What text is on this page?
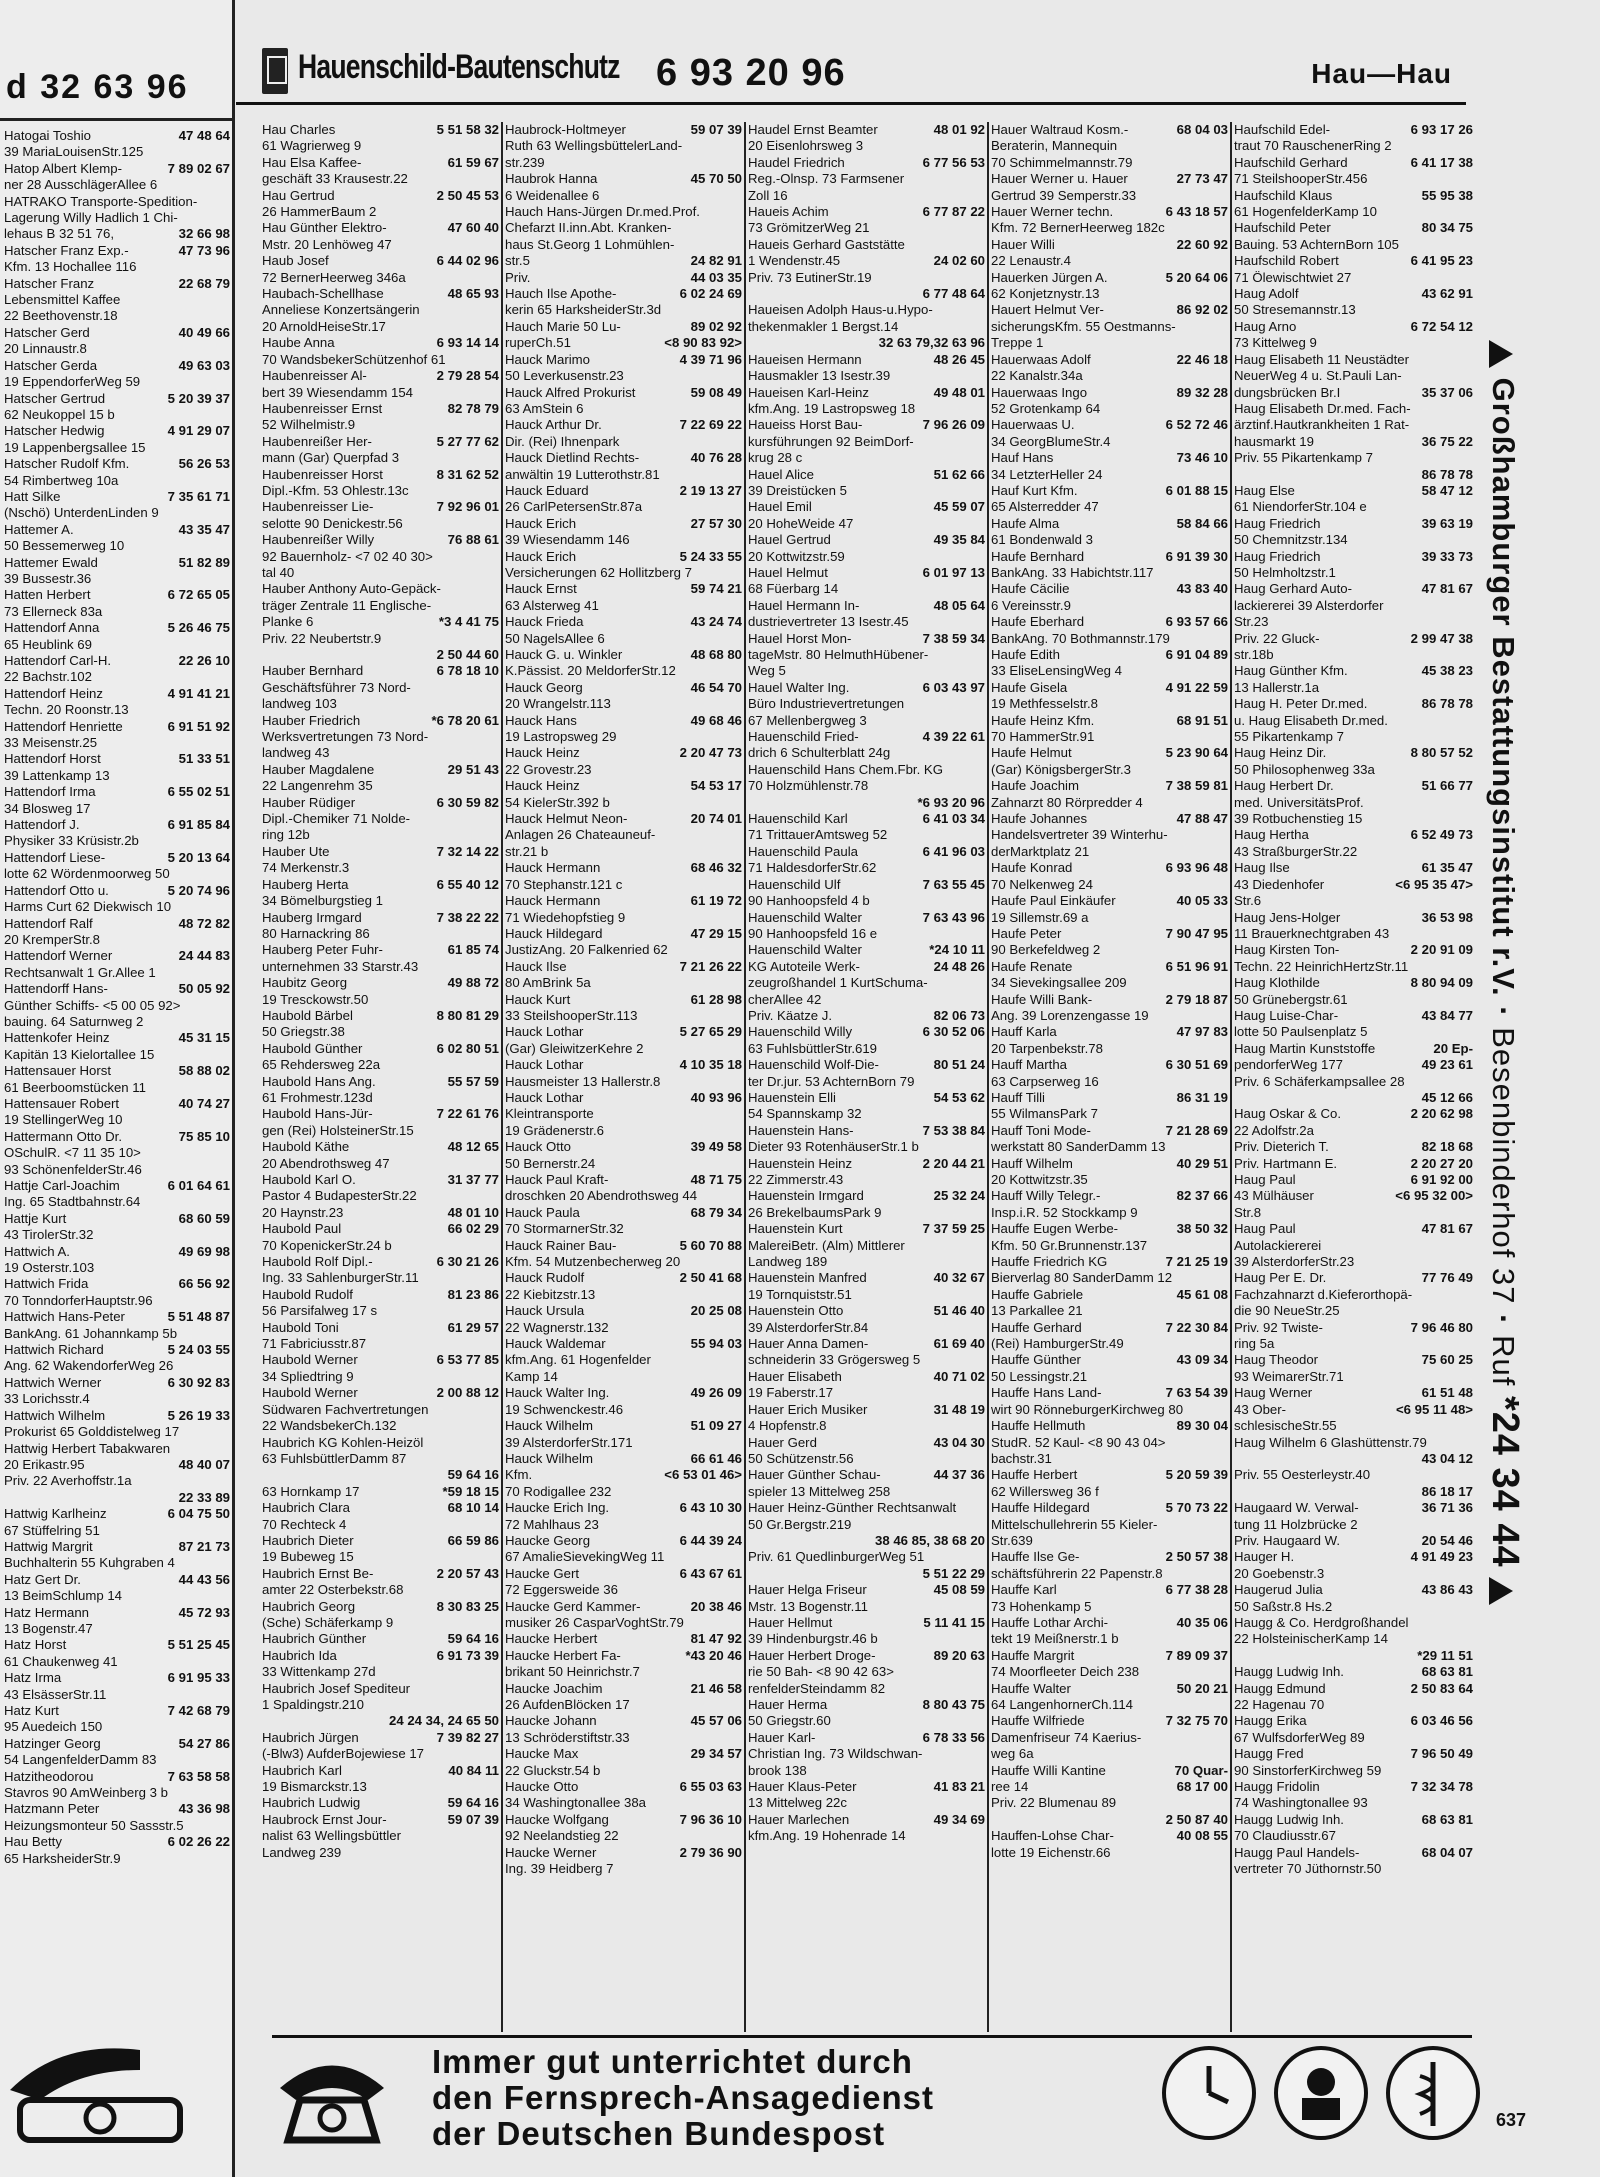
d 32 63 96
Hatogai Toshio	47 48 64
39 MariaLouisenStr.125
Hatop Albert Klemp-	7 89 02 67
ner 28 AusschlägerAllee 6
HATRAKO Transporte-Spedition-
Lagerung Willy Hadlich 1 Chi-
lehaus B 32 51 76,	32 66 98
Hatscher Franz Exp.-	47 73 96
Kfm. 13 Hochallee 116
Hatscher Franz	22 68 79
Lebensmittel Kaffee
22 Beethovenstr.18
Hatscher Gerd	40 49 66
20 Linnaustr.8
Hatscher Gerda	49 63 03
19 EppendorferWeg 59
Hatscher Gertrud	5 20 39 37
62 Neukoppel 15 b
Hatscher Hedwig	4 91 29 07
19 Lappenbergsallee 15
Hatscher Rudolf Kfm.	56 26 53
54 Rimbertweg 10a
Hatt Silke	7 35 61 71
(Nschö) UnterdenLinden 9
Hattemer A.	43 35 47
50 Bessemerweg 10
Hattemer Ewald	51 82 89
39 Bussestr.36
Hatten Herbert	6 72 65 05
73 Ellerneck 83a
Hattendorf Anna	5 26 46 75
65 Heublink 69
Hattendorf Carl-H.	22 26 10
22 Bachstr.102
Hattendorf Heinz	4 91 41 21
Techn. 20 Roonstr.13
Hattendorf Henriette	6 91 51 92
33 Meisenstr.25
Hattendorf Horst	51 33 51
39 Lattenkamp 13
Hattendorf Irma	6 55 02 51
34 Blosweg 17
Hattendorf J.	6 91 85 84
Physiker 33 Krüsistr.2b
Hattendorf Liese-	5 20 13 64
lotte 62 Wördenmoorweg 50
Hattendorf Otto u.	5 20 74 96
Harms Curt 62 Diekwisch 10
Hattendorf Ralf	48 72 82
20 KremperStr.8
Hattendorf Werner	24 44 83
Rechtsanwalt 1 Gr.Allee 1
Hattendorff Hans-	50 05 92
Günther Schiffs- <5 00 05 92>
bauing. 64 Saturnweg 2
Hattenkofer Heinz	45 31 15
Kapitän 13 Kielortallee 15
Hattensauer Horst	58 88 02
61 Beerboomstücken 11
Hattensauer Robert	40 74 27
19 StellingerWeg 10
Hattermann Otto Dr.	75 85 10
OSchulR. <7 11 35 10>
93 SchönenfelderStr.46
Hattje Carl-Joachim	6 01 64 61
Ing. 65 Stadtbahnstr.64
Hattje Kurt	68 60 59
43 TirolerStr.32
Hattwich A.	49 69 98
19 Osterstr.103
Hattwich Frida	66 56 92
70 TonndorferHauptstr.96
Hattwich Hans-Peter	5 51 48 87
BankAng. 61 Johannkamp 5b
Hattwich Richard	5 24 03 55
Ang. 62 WakendorferWeg 26
Hattwich Werner	6 30 92 83
33 Lorichsstr.4
Hattwich Wilhelm	5 26 19 33
Prokurist 65 Golddistelweg 17
Hattwig Herbert Tabakwaren
20 Erikastr.95	48 40 07
Priv. 22 Averhoffstr.1a
22 33 89
Hattwig Karlheinz	6 04 75 50
67 Stüffelring 51
Hattwig Margrit	87 21 73
Buchhalterin 55 Kuhgraben 4
Hatz Gert Dr.	44 43 56
13 BeimSchlump 14
Hatz Hermann	45 72 93
13 Bogenstr.47
Hatz Horst	5 51 25 45
61 Chaukenweg 41
Hatz Irma	6 91 95 33
43 ElsässerStr.11
Hatz Kurt	7 42 68 79
95 Auedeich 150
Hatzinger Georg	54 27 86
54 LangenfelderDamm 83
Hatzitheodorou	7 63 58 58
Stavros 90 AmWeinberg 3 b
Hatzmann Peter	43 36 98
Heizungsmonteur 50 Sassstr.5
Hau Betty	6 02 26 22
65 HarksheiderStr.9
Hauenschild-Bautenschutz 6 93 20 96	Hau—Hau
Hau Charles	5 51 58 32
61 Wagrierweg 9
Hau Elsa Kaffee-	61 59 67
geschäft 33 Krausestr.22
Hau Gertrud	2 50 45 53
26 HammerBaum 2
Hau Günther Elektro-	47 60 40
Mstr. 20 Lenhöweg 47
Haub Josef	6 44 02 96
72 BernerHeerweg 346a
Haubach-Schellhase	48 65 93
Anneliese Konzertsängerin
20 ArnoldHeiseStr.17
Haube Anna	6 93 14 14
70 WandsbekerSchützenhof 61
Haubenreisser Al-	2 79 28 54
bert 39 Wiesendamm 154
Haubenreisser Ernst	82 78 79
52 Wilhelmistr.9
Haubenreißer Her-	5 27 77 62
mann (Gar) Querpfad 3
Haubenreisser Horst	8 31 62 52
Dipl.-Kfm. 53 Ohlestr.13c
Haubenreisser Lie-	7 92 96 01
selotte 90 Denickestr.56
Haubenreißer Willy	76 88 61
92 Bauernholz- <7 02 40 30>
tal 40
Hauber Anthony Auto-Gepäck-
träger Zentrale 11 Englische-
Planke 6	*3 4 41 75
Priv. 22 Neubertstr.9
2 50 44 60
Hauber Bernhard	6 78 18 10
Geschäftsführer 73 Nord-
landweg 103
Hauber Friedrich	*6 78 20 61
Werksvertretungen 73 Nord-
landweg 43
Hauber Magdalene	29 51 43
22 Langenrehm 35
Hauber Rüdiger	6 30 59 82
Dipl.-Chemiker 71 Nolde-
ring 12b
Hauber Ute	7 32 14 22
74 Merkenstr.3
Hauberg Herta	6 55 40 12
34 Bömelburgstieg 1
Hauberg Irmgard	7 38 22 22
80 Harnackring 86
Hauberg Peter Fuhr-	61 85 74
unternehmen 33 Starstr.43
Haubitz Georg	49 88 72
19 Tresckowstr.50
Haubold Bärbel	8 80 81 29
50 Griegstr.38
Haubold Günther	6 02 80 51
65 Rehdersweg 22a
Haubold Hans Ang.	55 57 59
61 Frohmestr.123d
Haubold Hans-Jür-	7 22 61 76
gen (Rei) HolsteinerStr.15
Haubold Käthe	48 12 65
20 Abendrothsweg 47
Haubold Karl O.	31 37 77
Pastor 4 BudapesterStr.22
20 Haynstr.23	48 01 10
Haubold Paul	66 02 29
70 KopenickerStr.24 b
Haubold Rolf Dipl.-	6 30 21 26
Ing. 33 SahlenburgerStr.11
Haubold Rudolf	81 23 86
56 Parsifalweg 17 s
Haubold Toni	61 29 57
71 Fabriciusstr.87
Haubold Werner	6 53 77 85
34 Spliedtring 9
Haubold Werner	2 00 88 12
Südwaren Fachvertretungen
22 WandsbekerCh.132
Haubrich KG Kohlen-Heizöl
63 FuhlsbüttlerDamm 87
59 64 16
63 Hornkamp 17	*59 18 15
Haubrich Clara	68 10 14
70 Rechteck 4
Haubrich Dieter	66 59 86
19 Bubeweg 15
Haubrich Ernst Be-	2 20 57 43
amter 22 Osterbekstr.68
Haubrich Georg	8 30 83 25
(Sche) Schäferkamp 9
Haubrich Günther	59 64 16
Haubrich Ida	6 91 73 39
33 Wittenkamp 27d
Haubrich Josef Spediteur
1 Spaldingstr.210
24 24 34, 24 65 50
Haubrich Jürgen	7 39 82 27
(-Blw3) AufderBojewiese 17
Haubrich Karl	40 84 11
19 Bismarckstr.13
Haubrich Ludwig	59 64 16
Haubrock Ernst Jour-	59 07 39
nalist 63 Wellingsbüttler
Landweg 239
Haubrock-Holtmeyer	59 07 39
Ruth 63 WellingsbüttelerLand-
str.239
Haubrok Hanna	45 70 50
6 Weidenallee 6
Hauch Hans-Jürgen Dr.med.Prof.
Chefarzt II.inn.Abt. Kranken-
haus St.Georg 1 Lohmühlen-
str.5	24 82 91
Priv.	44 03 35
Hauch Ilse Apothe-	6 02 24 69
kerin 65 HarksheiderStr.3d
Hauch Marie 50 Lu-	89 02 92
ruperCh.51	<8 90 83 92>
Hauck Marimo	4 39 71 96
50 Leverkusenstr.23
Hauck Alfred Prokurist	59 08 49
63 AmStein 6
Hauck Arthur Dr.	7 22 69 22
Dir. (Rei) Ihnenpark
Hauck Dietlind Rechts-	40 76 28
anwältin 19 Lutterothstr.81
Hauck Eduard	2 19 13 27
26 CarlPetersenStr.87a
Hauck Erich	27 57 30
39 Wiesendamm 146
Hauck Erich	5 24 33 55
Versicherungen 62 Hollitzberg 7
Hauck Ernst	59 74 21
63 Alsterweg 41
Hauck Frieda	43 24 74
50 NagelsAllee 6
Hauck G. u. Winkler	48 68 80
K.Pässist. 20 MeldorferStr.12
Hauck Georg	46 54 70
20 Wrangelstr.113
Hauck Hans	49 68 46
19 Lastropsweg 29
Hauck Heinz	2 20 47 73
22 Grovestr.23
Hauck Heinz	54 53 17
54 KielerStr.392 b
Hauck Helmut Neon-	20 74 01
Anlagen 26 Chateauneuf-
str.21 b
Hauck Hermann	68 46 32
70 Stephanstr.121 c
Hauck Hermann	61 19 72
71 Wiedehopfstieg 9
Hauck Hildegard	47 29 15
JustizAng. 20 Falkenried 62
Hauck Ilse	7 21 26 22
80 AmBrink 5a
Hauck Kurt	61 28 98
33 SteilshooperStr.113
Hauck Lothar	5 27 65 29
(Gar) GleiwitzerKehre 2
Hauck Lothar	4 10 35 18
Hausmeister 13 Hallerstr.8
Hauck Lothar	40 93 96
Kleintransporte
19 Grädenerstr.6
Hauck Otto	39 49 58
50 Bernerstr.24
Hauck Paul Kraft-	48 71 75
droschken 20 Abendrothsweg 44
Hauck Paula	68 79 34
70 StormarnerStr.32
Hauck Rainer Bau-	5 60 70 88
Kfm. 54 Mutzenbecherweg 20
Hauck Rudolf	2 50 41 68
22 Kiebitzstr.13
Hauck Ursula	20 25 08
22 Wagnerstr.132
Hauck Waldemar	55 94 03
kfm.Ang. 61 Hogenfelder
Kamp 14
Hauck Walter Ing.	49 26 09
19 Schwenckestr.46
Hauck Wilhelm	51 09 27
39 AlsterdorferStr.171
Hauck Wilhelm	66 61 46
Kfm.	<6 53 01 46>
70 Rodigallee 232
Haucke Erich Ing.	6 43 10 30
72 Mahlhaus 23
Haucke Georg	6 44 39 24
67 AmalieSievekingWeg 11
Haucke Gert	6 43 67 61
72 Eggersweide 36
Haucke Gerd Kammer-	20 38 46
musiker 26 CasparVoghtStr.79
Haucke Herbert	81 47 92
Haucke Herbert Fa-	*43 20 46
brikant 50 Heinrichstr.7
Haucke Joachim	21 46 58
26 AufdenBlöcken 17
Haucke Johann	45 57 06
13 Schröderstiftstr.33
Haucke Max	29 34 57
22 Gluckstr.54 b
Haucke Otto	6 55 03 63
34 Washingtonallee 38a
Haucke Wolfgang	7 96 36 10
92 Neelandstieg 22
Haucke Werner	2 79 36 90
Ing. 39 Heidberg 7
Haudel Ernst Beamter	48 01 92
20 Eisenlohrsweg 3
Haudel Friedrich	6 77 56 53
Reg.-Olnsp. 73 Farmsener
Zoll 16
Haueis Achim	6 77 87 22
73 GrömitzerWeg 21
Haueis Gerhard Gaststätte
1 Wendenstr.45	24 02 60
Priv. 73 EutinerStr.19
6 77 48 64
Haueisen Adolph Haus-u.Hypo-
thekenmakler 1 Bergst.14
32 63 79,32 63 96
Haueisen Hermann	48 26 45
Hausmakler 13 Isestr.39
Haueisen Karl-Heinz	49 48 01
kfm.Ang. 19 Lastropsweg 18
Haueiss Horst Bau-	7 96 26 09
kursführungen 92 BeimDorf-
krug 28 c
Hauel Alice	51 62 66
39 Dreistücken 5
Hauel Emil	45 59 07
20 HoheWeide 47
Hauel Gertrud	49 35 84
20 Kottwitzstr.59
Hauel Helmut	6 01 97 13
68 Füerbarg 14
Hauel Hermann In-	48 05 64
dustrievertreter 13 Isestr.45
Hauel Horst Mon-	7 38 59 34
tageMstr. 80 HelmuthHübener-
Weg 5
Hauel Walter Ing.	6 03 43 97
Büro Industrievertretungen
67 Mellenbergweg 3
Hauenschild Fried-	4 39 22 61
drich 6 Schulterblatt 24g
Hauenschild Hans Chem.Fbr. KG
70 Holzmühlenstr.78
*6 93 20 96
Hauenschild Karl	6 41 03 34
71 TrittauerAmtsweg 52
Hauenschild Paula	6 41 96 03
71 HaldesdorferStr.62
Hauenschild Ulf	7 63 55 45
90 Hanhoopsfeld 4 b
Hauenschild Walter	7 63 43 96
90 Hanhoopsfeld 16 e
Hauenschild Walter	*24 10 11
KG Autoteile Werk-	24 48 26
zeugroßhandel 1 KurtSchuma-
cherAllee 42
Priv. Käatze J.	82 06 73
Hauenschild Willy	6 30 52 06
63 FuhlsbüttlerStr.619
Hauenschild Wolf-Die-	80 51 24
ter Dr.jur. 53 AchternBorn 79
Hauenstein Elli	54 53 62
54 Spannskamp 32
Hauenstein Hans-	7 53 38 84
Dieter 93 RotenhäuserStr.1 b
Hauenstein Heinz	2 20 44 21
22 Zimmerstr.43
Hauenstein Irmgard	25 32 24
26 BrekelbaumsPark 9
Hauenstein Kurt	7 37 59 25
MalereiBetr. (Alm) Mittlerer
Landweg 189
Hauenstein Manfred	40 32 67
19 Tornquiststr.51
Hauenstein Otto	51 46 40
39 AlsterdorferStr.84
Hauer Anna Damen-	61 69 40
schneiderin 33 Grögersweg 5
Hauer Elisabeth	40 71 02
19 Faberstr.17
Hauer Erich Musiker	31 48 19
4 Hopfenstr.8
Hauer Gerd	43 04 30
50 Schützenstr.56
Hauer Günther Schau-	44 37 36
spieler 13 Mittelweg 258
Hauer Heinz-Günther Rechtsanwalt
50 Gr.Bergstr.219
38 46 85, 38 68 20
Priv. 61 QuedlinburgerWeg 51
5 51 22 29
Hauer Helga Friseur	45 08 59
Mstr. 13 Bogenstr.11
Hauer Hellmut	5 11 41 15
39 Hindenburgstr.46 b
Hauer Herbert Droge-	89 20 63
rie 50 Bah- <8 90 42 63>
renfelderSteindamm 82
Hauer Herma	8 80 43 75
50 Griegstr.60
Hauer Karl-	6 78 33 56
Christian Ing. 73 Wildschwan-
brook 138
Hauer Klaus-Peter	41 83 21
13 Mittelweg 22c
Hauer Marlechen	49 34 69
kfm.Ang. 19 Hohenrade 14
Hauer Waltraud Kosm.-	68 04 03
Beraterin, Mannequin
70 Schimmelmannstr.79
Hauer Werner u. Hauer	27 73 47
Gertrud 39 Semperstr.33
Hauer Werner techn.	6 43 18 57
Kfm. 72 BernerHeerweg 182c
Hauer Willi	22 60 92
22 Lenaustr.4
Hauerken Jürgen A.	5 20 64 06
62 Konjetznystr.13
Hauert Helmut Ver-	86 92 02
sicherungsKfm. 55 Oestmanns-
Treppe 1
Hauerwaas Adolf	22 46 18
22 Kanalstr.34a
Hauerwaas Ingo	89 32 28
52 Grotenkamp 64
Hauerwaas U.	6 52 72 46
34 GeorgBlumeStr.4
Hauf Hans	73 46 10
34 LetzterHeller 24
Hauf Kurt Kfm.	6 01 88 15
65 Alsterredder 47
Haufe Alma	58 84 66
61 Bondenwald 3
Haufe Bernhard	6 91 39 30
BankAng. 33 Habichtstr.117
Haufe Cäcilie	43 83 40
6 Vereinsstr.9
Haufe Eberhard	6 93 57 66
BankAng. 70 Bothmannstr.179
Haufe Edith	6 91 04 89
33 EliseLensingWeg 4
Haufe Gisela	4 91 22 59
19 Methfesselstr.8
Haufe Heinz Kfm.	68 91 51
70 HammerStr.91
Haufe Helmut	5 23 90 64
(Gar) KönigsbergerStr.3
Haufe Joachim	7 38 59 81
Zahnarzt 80 Rörpredder 4
Haufe Johannes	47 88 47
Handelsvertreter 39 Winterhu-
derMarktplatz 21
Haufe Konrad	6 93 96 48
70 Nelkenweg 24
Haufe Paul Einkäufer	40 05 33
19 Sillemstr.69 a
Haufe Peter	7 90 47 95
90 Berkefeldweg 2
Haufe Renate	6 51 96 91
34 Sievekingsallee 209
Haufe Willi Bank-	2 79 18 87
Ang. 39 Lorenzengasse 19
Hauff Karla	47 97 83
20 Tarpenbekstr.78
Hauff Martha	6 30 51 69
63 Carpserweg 16
Hauff Tilli	86 31 19
55 WilmansPark 7
Hauff Toni Mode-	7 21 28 69
werkstatt 80 SanderDamm 13
Hauff Wilhelm	40 29 51
20 Kottwitzstr.35
Hauff Willy Telegr.-	82 37 66
Insp.i.R. 52 Stockkamp 9
Hauffe Eugen Werbe-	38 50 32
Kfm. 50 Gr.Brunnenstr.137
Hauffe Friedrich KG	7 21 25 19
Bierverlag 80 SanderDamm 12
Hauffe Gabriele	45 61 08
13 Parkallee 21
Hauffe Gerhard	7 22 30 84
(Rei) HamburgerStr.49
Hauffe Günther	43 09 34
50 Lessingstr.21
Hauffe Hans Land-	7 63 54 39
wirt 90 RönneburgerKirchweg 80
Hauffe Hellmuth	89 30 04
StudR. 52 Kaul- <8 90 43 04>
bachstr.31
Hauffe Herbert	5 20 59 39
62 Willersweg 36 f
Hauffe Hildegard	5 70 73 22
Mittelschullehrerin 55 Kieler-
Str.639
Hauffe Ilse Ge-	2 50 57 38
schäftsführerin 22 Papenstr.8
Hauffe Karl	6 77 38 28
73 Hohenkamp 5
Hauffe Lothar Archi-	40 35 06
tekt 19 Meißnerstr.1 b
Hauffe Margrit	7 89 09 37
74 Moorfleeter Deich 238
Hauffe Walter	50 20 21
64 LangenhornerCh.114
Hauffe Wilfriede	7 32 75 70
Damenfriseur 74 Kaerius-
weg 6a
Hauffe Willi Kantine	70 Quar-
ree 14	68 17 00
Priv. 22 Blumenau 89
2 50 87 40
Hauffen-Lohse Char-	40 08 55
lotte 19 Eichenstr.66
Haufschild Edel-	6 93 17 26
traut 70 RauschenerRing 2
Haufschild Gerhard	6 41 17 38
71 SteilshooperStr.456
Haufschild Klaus	55 95 38
61 HogenfelderKamp 10
Haufschild Peter	80 34 75
Bauing. 53 AchternBorn 105
Haufschild Robert	6 41 95 23
71 Ölewischtwiet 27
Haug Adolf	43 62 91
50 Stresemannstr.13
Haug Arno	6 72 54 12
73 Kittelweg 9
Haug Elisabeth 11 Neustädter
NeuerWeg 4 u. St.Pauli Lan-
dungsbrücken Br.I	35 37 06
Haug Elisabeth Dr.med. Fach-
ärztinf.Hautkrankheiten 1 Rat-
hausmarkt 19	36 75 22
Priv. 55 Pikartenkamp 7
86 78 78
Haug Else	58 47 12
61 NiendorferStr.104 e
Haug Friedrich	39 63 19
50 Chemnitzstr.134
Haug Friedrich	39 33 73
50 Helmholtzstr.1
Haug Gerhard Auto-	47 81 67
lackiererei 39 Alsterdorfer
Str.23
Priv. 22 Gluck-	2 99 47 38
str.18b
Haug Günther Kfm.	45 38 23
13 Hallerstr.1a
Haug H. Peter Dr.med.	86 78 78
u. Haug Elisabeth Dr.med.
55 Pikartenkamp 7
Haug Heinz Dir.	8 80 57 52
50 Philosophenweg 33a
Haug Herbert Dr.	51 66 77
med. UniversitätsProf.
39 Rotbuchenstieg 15
Haug Hertha	6 52 49 73
43 StraßburgerStr.22
Haug Ilse	61 35 47
43 Diedenhofer	<6 95 35 47>
Str.6
Haug Jens-Holger	36 53 98
11 Brauerknechtgraben 43
Haug Kirsten Ton-	2 20 91 09
Techn. 22 HeinrichHertzStr.11
Haug Klothilde	8 80 94 09
50 Grünebergstr.61
Haug Luise-Char-	43 84 77
lotte 50 Paulsenplatz 5
Haug Martin Kunststoffe	20 Ep-
pendorferWeg 177	49 23 61
Priv. 6 Schäferkampsallee 28
45 12 66
Haug Oskar & Co.	2 20 62 98
22 Adolfstr.2a
Priv. Dieterich T.	82 18 68
Priv. Hartmann E.	2 20 27 20
Haug Paul	6 91 92 00
43 Mülhäuser	<6 95 32 00>
Str.8
Haug Paul	47 81 67
Autolackiererei
39 AlsterdorferStr.23
Haug Per E. Dr.	77 76 49
Fachzahnarzt d.Kieferorthopä-
die 90 NeueStr.25
Priv. 92 Twiste-	7 96 46 80
ring 5a
Haug Theodor	75 60 25
93 WeimarerStr.71
Haug Werner	61 51 48
43 Ober-	<6 95 11 48>
schlesischeStr.55
Haug Wilhelm 6 Glashüttenstr.79
43 04 12
Priv. 55 Oesterleystr.40
86 18 17
Haugaard W. Verwal-	36 71 36
tung 11 Holzbrücke 2
Priv. Haugaard W.	20 54 46
Hauger H.	4 91 49 23
20 Goebenstr.3
Haugerud Julia	43 86 43
50 Saßstr.8 Hs.2
Haugg & Co. Herdgroßhandel
22 HolsteinischerKamp 14
*29 11 51
Haugg Ludwig Inh.	68 63 81
Haugg Edmund	2 50 83 64
22 Hagenau 70
Haugg Erika	6 03 46 56
67 WulfsdorferWeg 89
Haugg Fred	7 96 50 49
90 SinstorferKirchweg 59
Haugg Fridolin	7 32 34 78
74 Washingtonallee 93
Haugg Ludwig Inh.	68 63 81
70 Claudiusstr.67
Haugg Paul Handels-	68 04 07
vertreter 70 Jüthornstr.50
Großhamburger Bestattungsinstitut r.V. · Besenbinderhof 37 · Ruf *24 34 44
Immer gut unterrichtet durch
den Fernsprech-Ansagedienst
der Deutschen Bundespost	637
